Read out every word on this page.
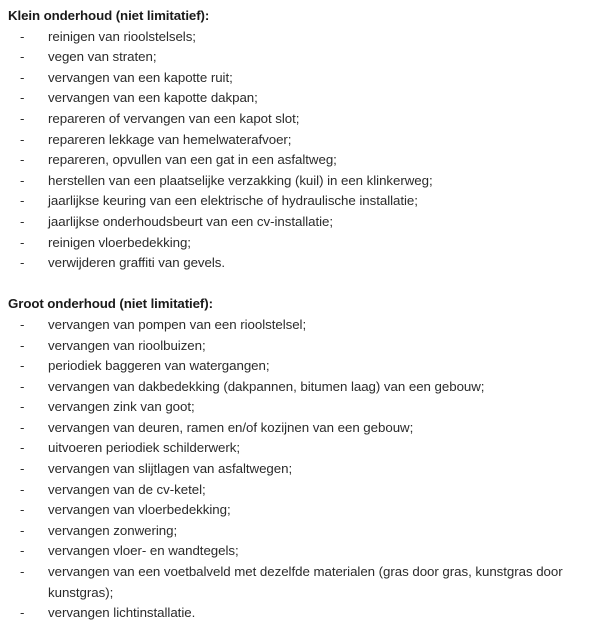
Klein onderhoud (niet limitatief):
-	reinigen van rioolstelsels;
-	vegen van straten;
-	vervangen van een kapotte ruit;
-	vervangen van een kapotte dakpan;
-	repareren of vervangen van een kapot slot;
-	repareren lekkage van hemelwaterafvoer;
-	repareren, opvullen van een gat in een asfaltweg;
-	herstellen van een plaatselijke verzakking (kuil) in een klinkerweg;
-	jaarlijkse keuring van een elektrische of hydraulische installatie;
-	jaarlijkse onderhoudsbeurt van een cv-installatie;
-	reinigen vloerbedekking;
-	verwijderen graffiti van gevels.
Groot onderhoud (niet limitatief):
-	vervangen van pompen van een rioolstelsel;
-	vervangen van rioolbuizen;
-	periodiek baggeren van watergangen;
-	vervangen van dakbedekking (dakpannen, bitumen laag) van een gebouw;
-	vervangen zink van goot;
-	vervangen van deuren, ramen en/of kozijnen van een gebouw;
-	uitvoeren periodiek schilderwerk;
-	vervangen van slijtlagen van asfaltwegen;
-	vervangen van de cv-ketel;
-	vervangen van vloerbedekking;
-	vervangen zonwering;
-	vervangen vloer- en wandtegels;
-	vervangen van een voetbalveld met dezelfde materialen (gras door gras, kunstgras door kunstgras);
-	vervangen lichtinstallatie.
